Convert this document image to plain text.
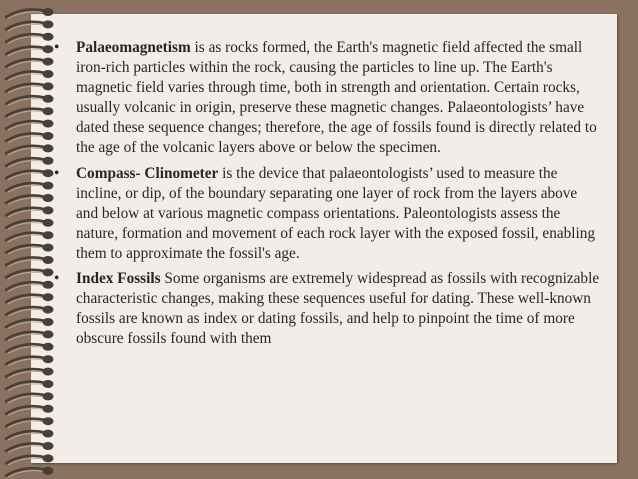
•	Palaeomagnetism is as rocks formed, the Earth's magnetic field affected the small iron-rich particles within the rock, causing the particles to line up. The Earth's magnetic field varies through time, both in strength and orientation. Certain rocks, usually volcanic in origin, preserve these magnetic changes. Palaeontologists’ have dated these sequence changes; therefore, the age of fossils found is directly related to the age of the volcanic layers above or below the specimen.
•	Compass- Clinometer is the device that palaeontologists’ used to measure the incline, or dip, of the boundary separating one layer of rock from the layers above and below at various magnetic compass orientations. Paleontologists assess the nature, formation and movement of each rock layer with the exposed fossil, enabling them to approximate the fossil's age.
•	Index Fossils Some organisms are extremely widespread as fossils with recognizable characteristic changes, making these sequences useful for dating. These well-known fossils are known as index or dating fossils, and help to pinpoint the time of more obscure fossils found with them
